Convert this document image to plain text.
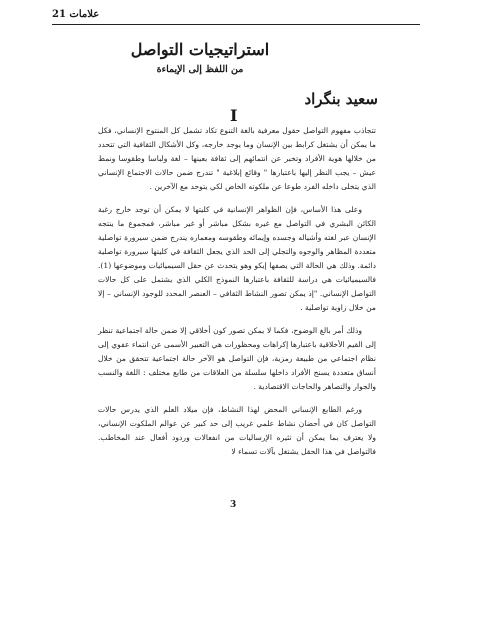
علامات 21
استراتيجيات التواصل
من اللفظ إلى الإيماءة
سعيد بنگراد
I

تتجاذب مفهوم التواصل حقول معرفية بالغة التنوع تكاد تشمل كل المنتوج الإنساني، فكل ما يمكن أن يشتغل كرابط بين الإنسان وما يوجد خارجه، وكل الأشكال الثقافية التي تتحدد من خلالها هوية الأفراد وتخبر عن انتمائهم إلى ثقافة بعينها – لغة ولباسا وطقوسا ونمط عيش – يجب النظر إليها باعتبارها " وقائع إبلاغية " تندرج ضمن حالات الاجتماع الإنساني الذي يتخلى داخله الفرد طوعا عن ملكوته الخاص لكي يتوحد مع الآخرين .

وعلى هذا الأساس، فإن الظواهر الإنسانية في كليتها لا يمكن أن توجد خارج رغبة الكائن البشري في التواصل مع غيره بشكل مباشر أو غير مباشر، فمجموع ما ينتجه الإنسان عبر لغته وأشياله وجسده وإيمائه وطقوسه ومعماره يندرج ضمن سيرورة تواصلية متعددة المظاهر والوجوه والتجلي إلى الحد الذي يجعل الثقافة في كليتها سيرورة تواصلية دائمة. وذلك هي الحالة التي يصفها إيكو وهو يتحدث عن حقل السيميائيات وموضوعها (1). فالسيميائيات هي دراسة للثقافة باعتبارها النموذج الكلي الذي يشتمل على كل حالات التواصل الإنساني. "إذ يمكن تصور النشاط الثقافي – العنصر المحدد للوجود الإنساني – إلا من خلال زاوية تواصلية .

وذلك أمر بالغ الوضوح، فكما لا يمكن تصور كون أخلاقي إلا ضمن حالة اجتماعية تنظر إلى القيم الأخلاقية باعتبارها إكراهات ومحظورات هي التعبير الأسمى عن انتماء عفوي إلى نظام اجتماعي من طبيعة رمزية، فإن التواصل هو الآخر حالة اجتماعية تتحقق من خلال أنساق متعددة يسنج الأفراد داخلها سلسلة من العلاقات من طابع مختلف : اللغة والنسب والجوار والتصاهر والحاجات الاقتصادية .

ورغم الطابع الإنساني المحض لهذا النشاط، فإن ميلاد العلم الذي يدرس حالات التواصل كان في أحضان نشاط علمي غريب إلى حد كبير عن عوالم الملكوت الإنساني، ولا يعترف بما يمكن أن تثيره الإرساليات من انفعالات وردود أفعال عند المخاطب. فالتواصل في هذا الحقل يشتغل بآلات تسماء لا

3
